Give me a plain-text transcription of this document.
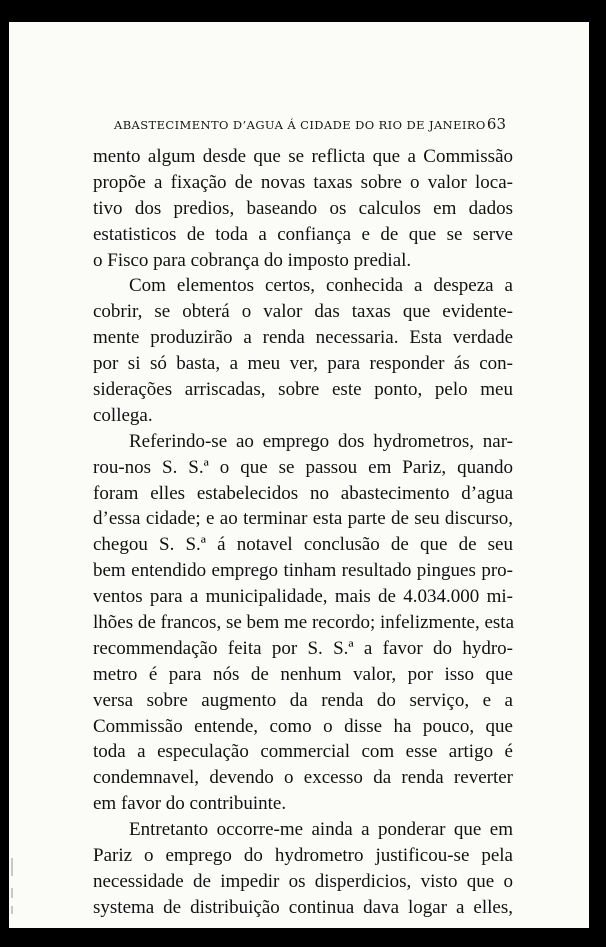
ABASTECIMENTO D’AGUA Á CIDADE DO RIO DE JANEIRO 63
mento algum desde que se reflicta que a Commissão
propõe a fixação de novas taxas sobre o valor loca-
tivo dos predios, baseando os calculos em dados
estatisticos de toda a confiança e de que se serve
o Fisco para cobrança do imposto predial.
Com elementos certos, conhecida a despeza a
cobrir, se obterá o valor das taxas que evidente-
mente produzirão a renda necessaria. Esta verdade
por si só basta, a meu ver, para responder ás con-
siderações arriscadas, sobre este ponto, pelo meu
collega.
Referindo-se ao emprego dos hydrometros, nar-
rou-nos S. S.ª o que se passou em Pariz, quando
foram elles estabelecidos no abastecimento d’agua
d’essa cidade; e ao terminar esta parte de seu discurso,
chegou S. S.ª á notavel conclusão de que de seu
bem entendido emprego tinham resultado pingues pro-
ventos para a municipalidade, mais de 4.034.000 mi-
lhões de francos, se bem me recordo; infelizmente, esta
recommendação feita por S. S.ª a favor do hydro-
metro é para nós de nenhum valor, por isso que
versa sobre augmento da renda do serviço, e a
Commissão entende, como o disse ha pouco, que
toda a especulação commercial com esse artigo é
condemnavel, devendo o excesso da renda reverter
em favor do contribuinte.
Entretanto occorre-me ainda a ponderar que em
Pariz o emprego do hydrometro justificou-se pela
necessidade de impedir os disperdicios, visto que o
systema de distribuição continua dava logar a elles,
